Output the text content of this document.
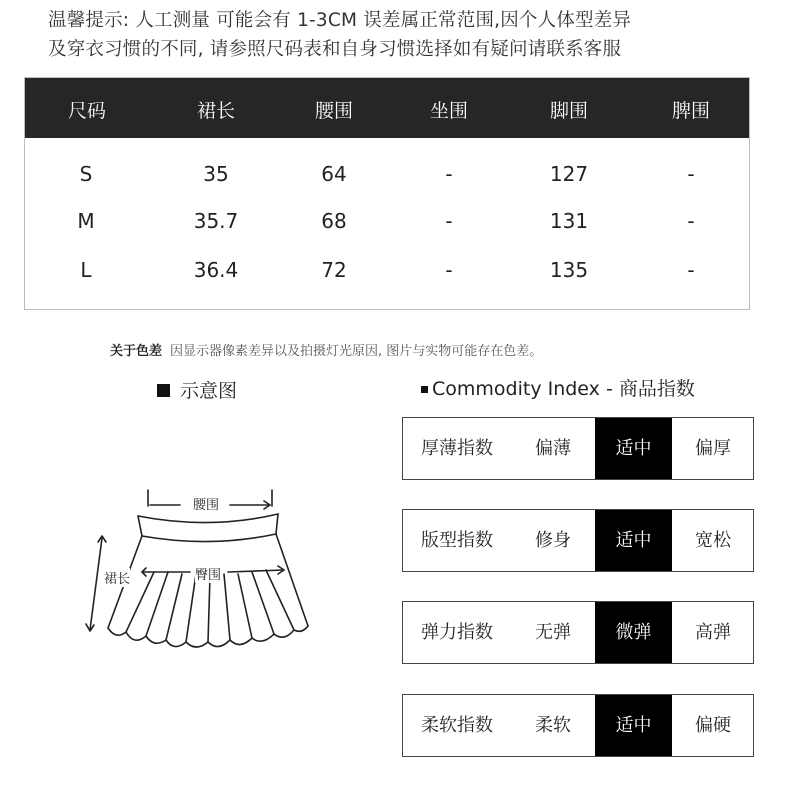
温馨提示: 人工测量 可能会有 1-3CM 误差属正常范围,因个人体型差异
及穿衣习惯的不同, 请参照尺码表和自身习惯选择如有疑问请联系客服
尺码	裙长	腰围	坐围	脚围	脾围
S	35	64	-	127	-
M	35.7	68	-	131	-
L	36.4	72	-	135	-
关于色差 因显示器像素差异以及拍摄灯光原因, 图片与实物可能存在色差。
示意图	Commodity Index - 商品指数
腰围
裙长	臀围
厚薄指数	偏薄	适中	偏厚
版型指数	修身	适中	宽松
弹力指数	无弹	微弹	高弹
柔软指数	柔软	适中	偏硬
